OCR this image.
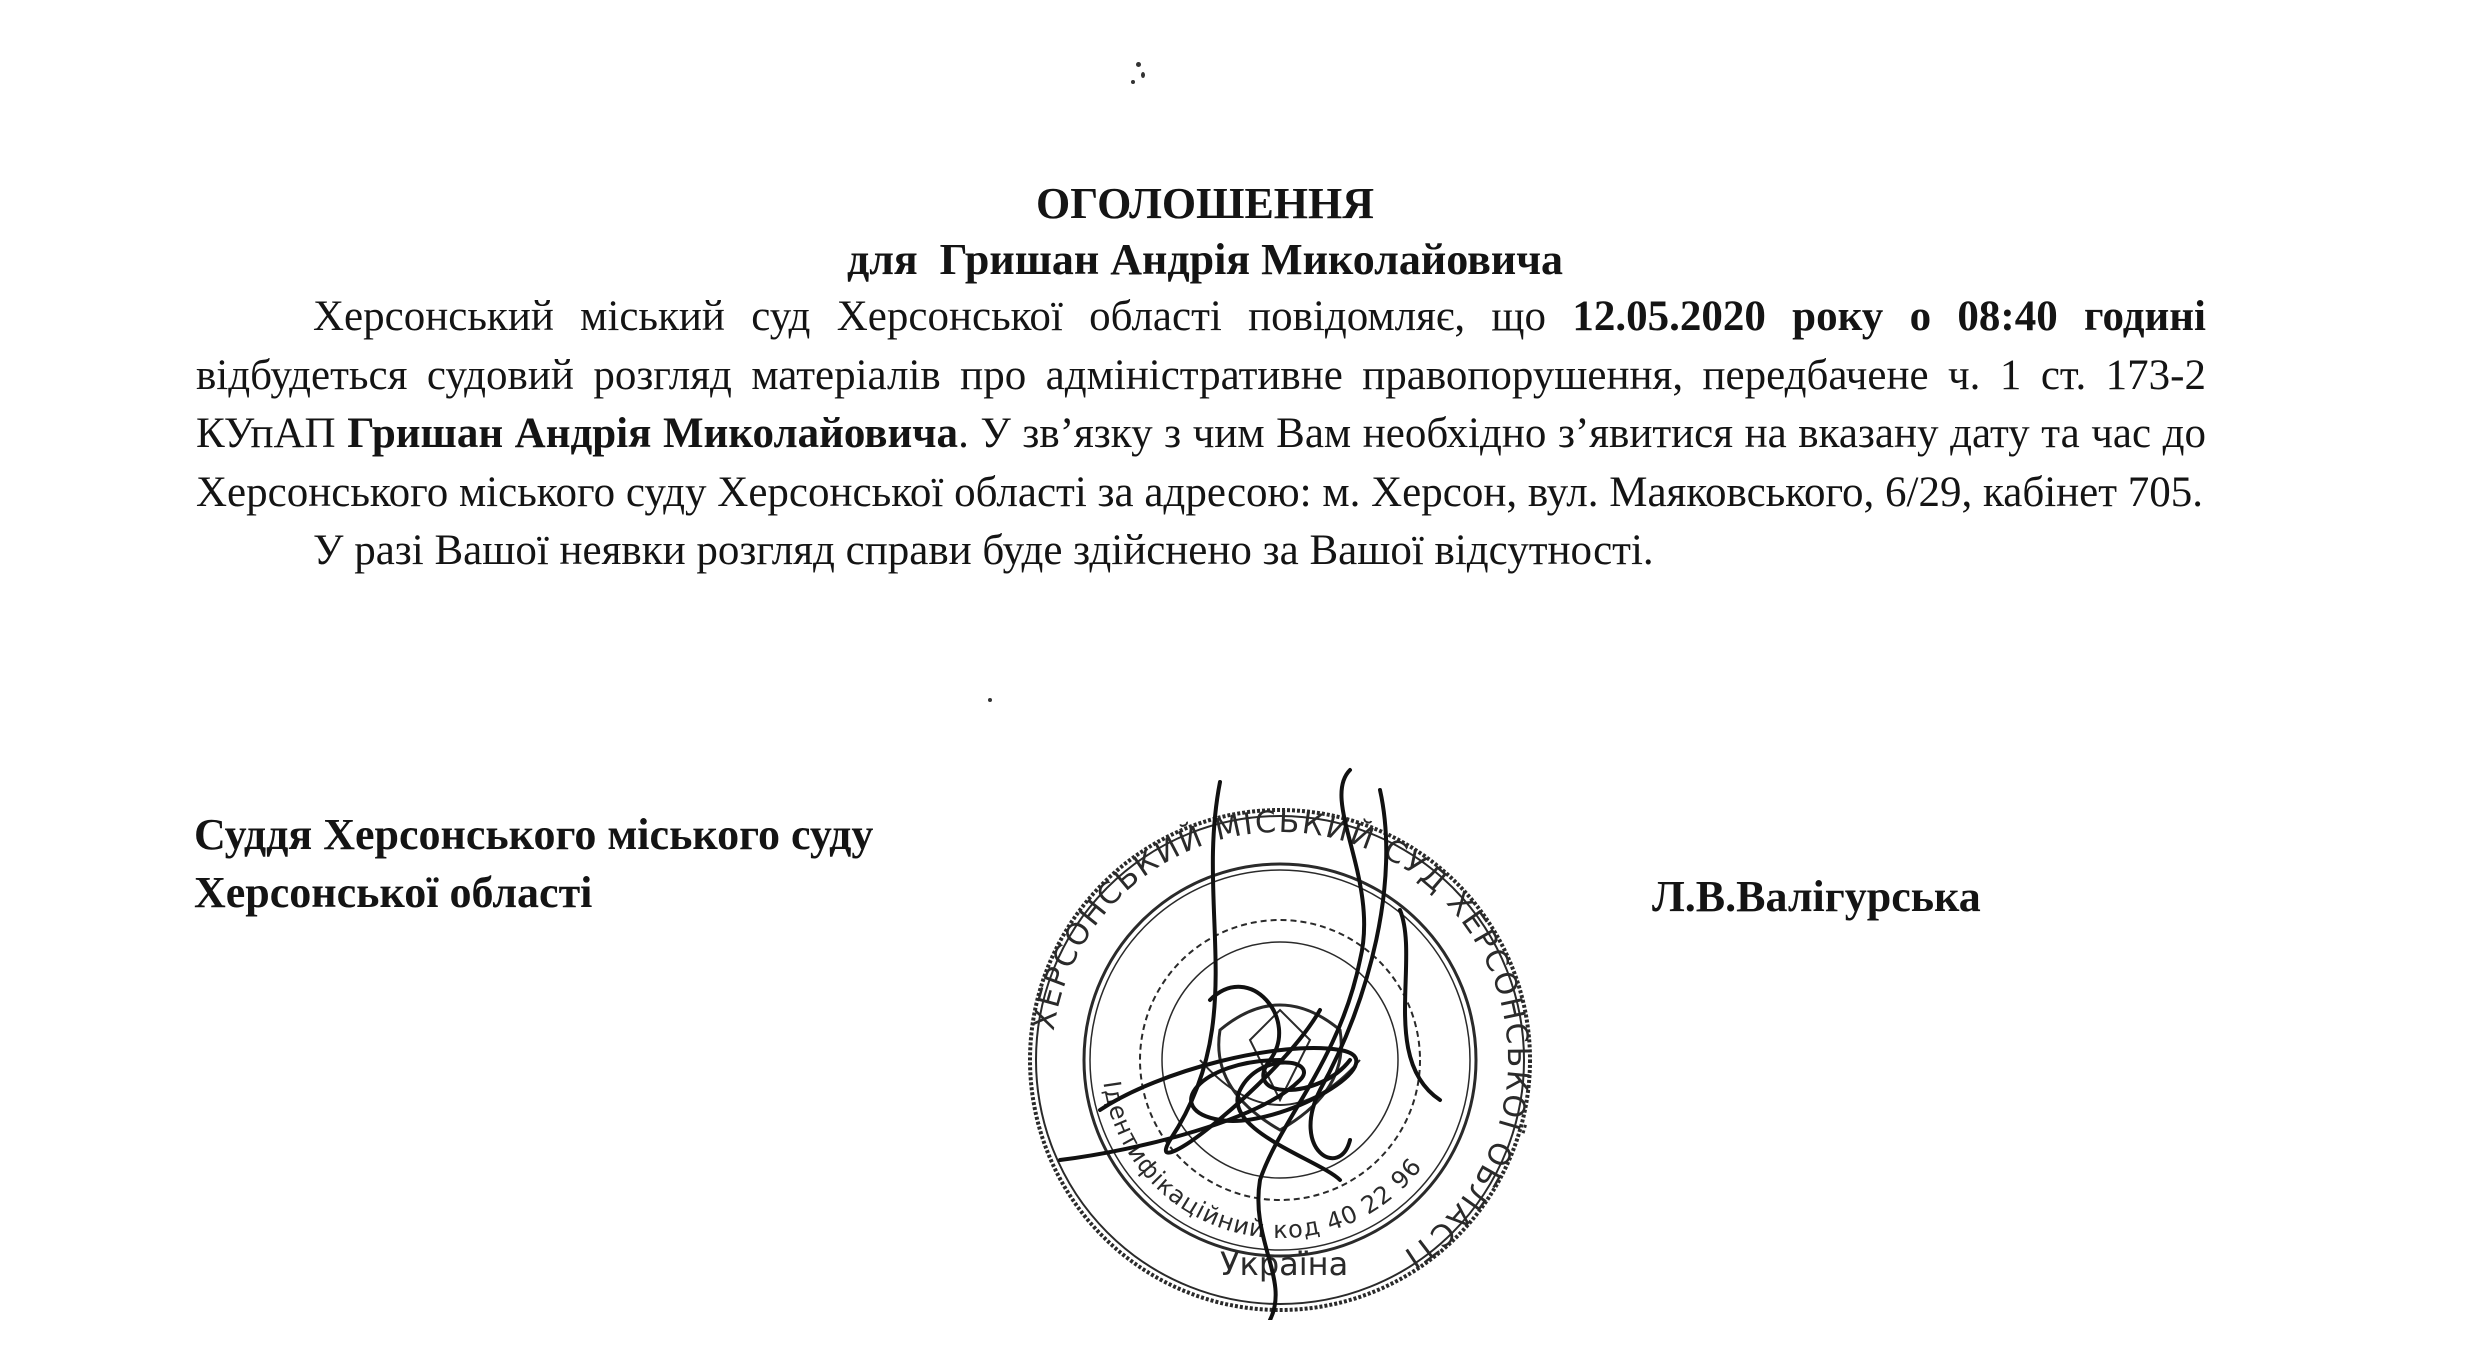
ОГОЛОШЕННЯ
для  Гришан Андрія Миколайовича

Херсонський міський суд Херсонської області повідомляє, що 12.05.2020 року о 08:40 годині відбудеться судовий розгляд матеріалів про адміністративне правопорушення, передбачене ч. 1 ст. 173-2 КУпАП Гришан Андрія Миколайовича. У зв’язку з чим Вам необхідно з’явитися на вказану дату та час до Херсонського міського суду Херсонської області за адресою: м. Херсон, вул. Маяковського, 6/29, кабінет 705.

У разі Вашої неявки розгляд справи буде здійснено за Вашої відсутності.

Суддя Херсонського міського суду
Херсонської області	Л.В.Валігурська
ХЕРСОНСЬКИЙ МІСЬКИЙ СУД ХЕРСОНСЬКОЇ ОБЛАСТІ
Ідентифікаційний код 40 22 96
Україна
